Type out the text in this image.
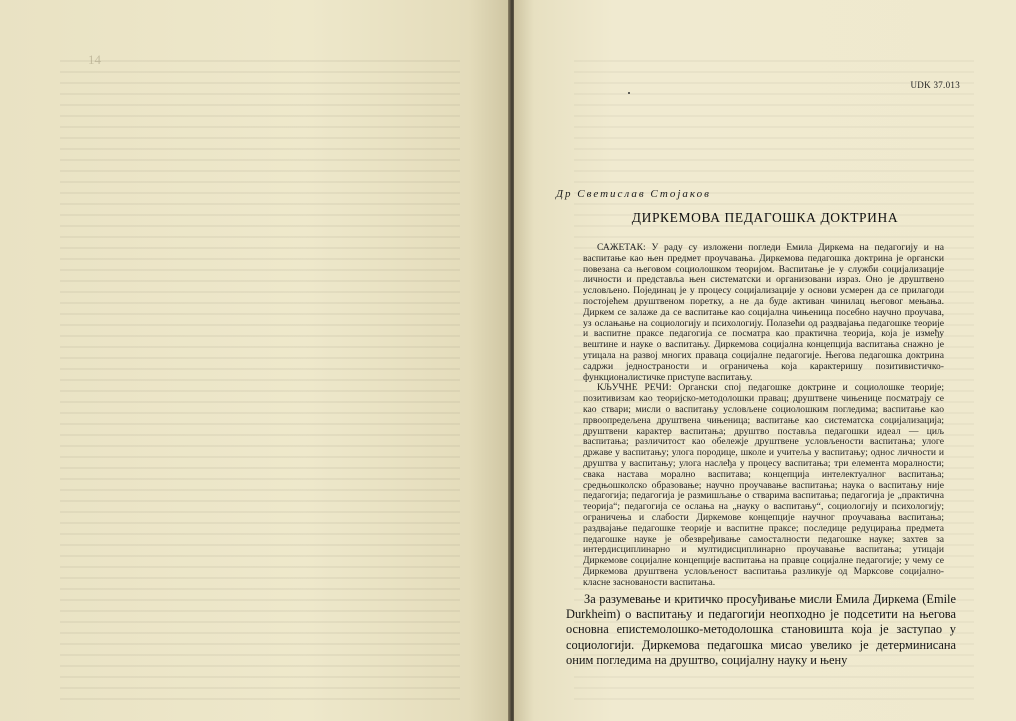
14
UDK 37.013
Др Светислав Стојаков
ДИРКЕМОВА ПЕДАГОШКА ДОКТРИНА

САЖЕТАК: У раду су изложени погледи Емила Диркема на педагогију и на васпитање као њен предмет проучавања. Диркемова педагошка доктрина је органски повезана са његовом социолошком теоријом. Васпитање је у служби социјализације личности и представља њен систематски и организовани израз. Оно је друштвено условљено. Појединац је у процесу социјализације у основи усмерен да се прилагоди постојећем друштвеном поретку, а не да буде активан чинилац његовог мењања. Диркем се залаже да се васпитање као социјална чињеница посебно научно проучава, уз ослањање на социологију и психологију. Полазећи од раздвајања педагошке теорије и васпитне праксе педагогија се посматра као практична теорија, која је између вештине и науке о васпитању. Диркемова социјална концепција васпитања снажно је утицала на развој многих праваца социјалне педагогије. Његова педагошка доктрина садржи једностраности и ограничења која карактеришу позитивистичко-функционалистичке приступе васпитању.

КЉУЧНЕ РЕЧИ: Органски спој педагошке доктрине и социолошке теорије; позитивизам као теоријско-методолошки правац; друштвене чињенице посматрају се као ствари; мисли о васпитању условљене социолошким погледима; васпитање као првоопредељена друштвена чињеница; васпитање као систематска социјализација; друштвени карактер васпитања; друштво поставља педагошки идеал — циљ васпитања; различитост као обележје друштвене условљености васпитања; улоге државе у васпитању; улога породице, школе и учитеља у васпитању; однос личности и друштва у васпитању; улога наслеђа у процесу васпитања; три елемента моралности; свака настава морално васпитава; концепција интелектуалног васпитања; средњошколско образовање; научно проучавање васпитања; наука о васпитању није педагогија; педагогија је размишљање о стварима васпитања; педагогија је „практична теорија“; педагогија се ослања на „науку о васпитању“, социологију и психологију; ограничења и слабости Диркемове концепције научног проучавања васпитања; раздвајање педагошке теорије и васпитне праксе; последице редуцирања предмета педагошке науке је обезвређивање самосталности педагошке науке; захтев за интердисциплинарно и мултидисциплинарно проучавање васпитања; утицаји Диркемове социјалне концепције васпитања на правце социјалне педагогије; у чему се Диркемова друштвена условљеност васпитања разликује од Марксове социјално-класне заснованости васпитања.

За разумевање и критичко просуђивање мисли Емила Диркема (Emile Durkheim) о васпитању и педагогији неопходно је подсетити на његова основна епистемолошко-методолошка становишта која је заступао у социологији. Диркемова педагошка мисао увелико је детерминисана оним погледима на друштво, социјалну науку и њену
